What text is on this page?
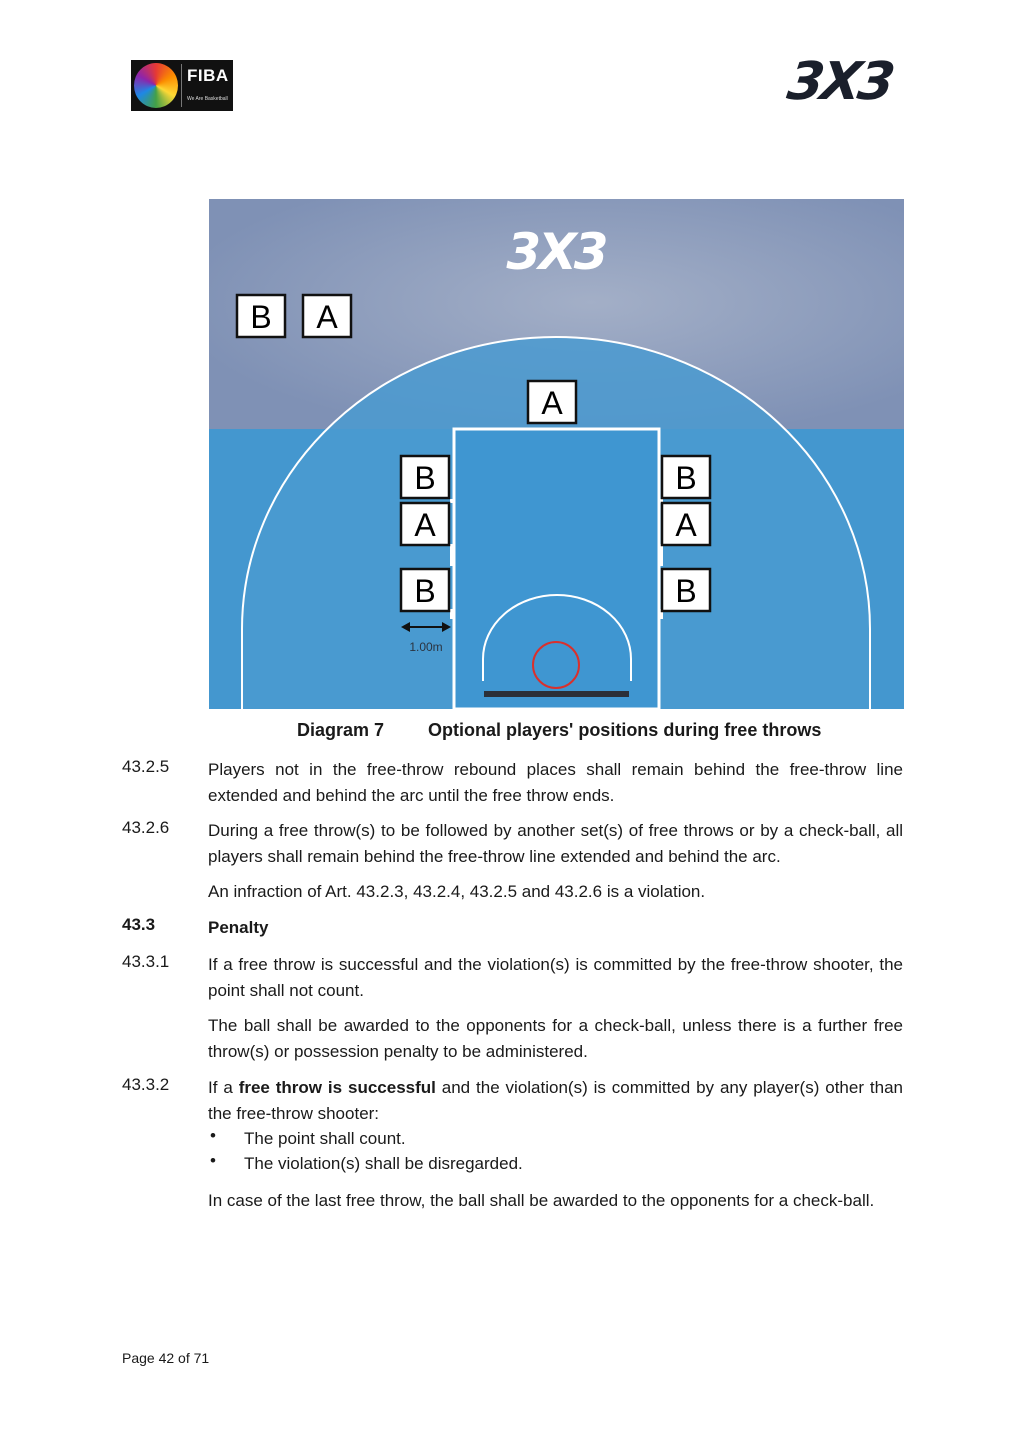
FIBA
We Are Basketball	3X3
3X3
B A
A
B
A
B
B
A
B
1.00m
Diagram 7 Optional players' positions during free throws
43.2.5 Players not in the free-throw rebound places shall remain behind the free-throw line extended and behind the arc until the free throw ends.
43.2.6 During a free throw(s) to be followed by another set(s) of free throws or by a check-ball, all players shall remain behind the free-throw line extended and behind the arc.
An infraction of Art. 43.2.3, 43.2.4, 43.2.5 and 43.2.6 is a violation.
43.3	Penalty
43.3.1 If a free throw is successful and the violation(s) is committed by the free-throw shooter, the point shall not count.
The ball shall be awarded to the opponents for a check-ball, unless there is a further free throw(s) or possession penalty to be administered.
43.3.2 If a free throw is successful and the violation(s) is committed by any player(s) other than the free-throw shooter:
• The point shall count.
• The violation(s) shall be disregarded.
In case of the last free throw, the ball shall be awarded to the opponents for a check-ball.
Page 42 of 71
